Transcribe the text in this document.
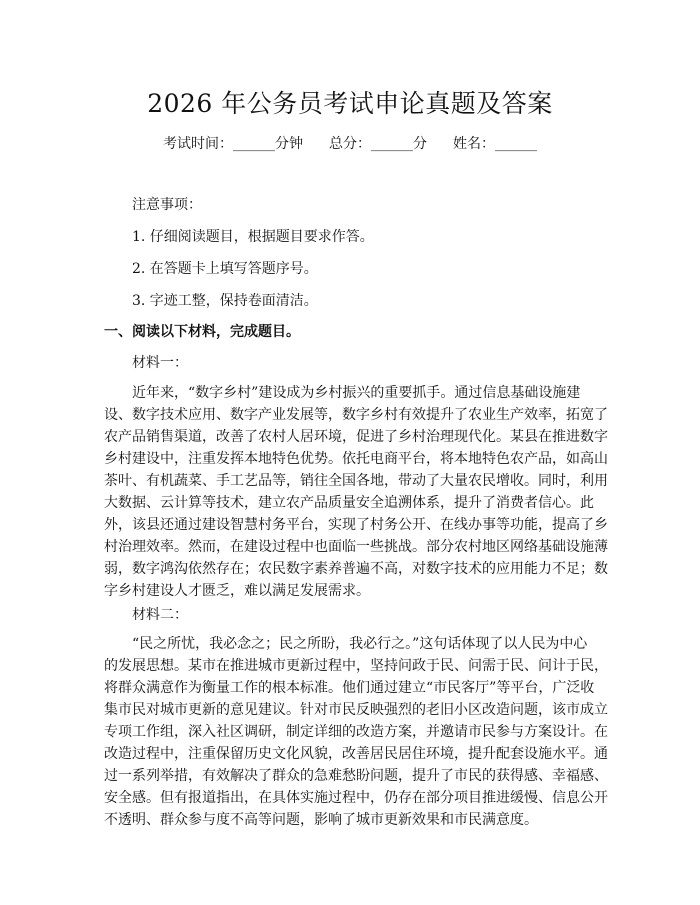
2026 年公务员考试申论真题及答案
考试时间：______分钟 总分：______分 姓名：______
注意事项：
1. 仔细阅读题目，根据题目要求作答。
2. 在答题卡上填写答题序号。
3. 字迹工整，保持卷面清洁。
一、阅读以下材料，完成题目。
材料一：
　　近年来，“数字乡村”建设成为乡村振兴的重要抓手。通过信息基础设施建
设、数字技术应用、数字产业发展等，数字乡村有效提升了农业生产效率，拓宽了
农产品销售渠道，改善了农村人居环境，促进了乡村治理现代化。某县在推进数字
乡村建设中，注重发挥本地特色优势。依托电商平台，将本地特色农产品，如高山
茶叶、有机蔬菜、手工艺品等，销往全国各地，带动了大量农民增收。同时，利用
大数据、云计算等技术，建立农产品质量安全追溯体系，提升了消费者信心。此
外，该县还通过建设智慧村务平台，实现了村务公开、在线办事等功能，提高了乡
村治理效率。然而，在建设过程中也面临一些挑战。部分农村地区网络基础设施薄
弱，数字鸿沟依然存在；农民数字素养普遍不高，对数字技术的应用能力不足；数
字乡村建设人才匮乏，难以满足发展需求。
材料二：
　　“民之所忧，我必念之；民之所盼，我必行之。”这句话体现了以人民为中心
的发展思想。某市在推进城市更新过程中，坚持问政于民、问需于民、问计于民，
将群众满意作为衡量工作的根本标准。他们通过建立“市民客厅”等平台，广泛收
集市民对城市更新的意见建议。针对市民反映强烈的老旧小区改造问题，该市成立
专项工作组，深入社区调研，制定详细的改造方案，并邀请市民参与方案设计。在
改造过程中，注重保留历史文化风貌，改善居民居住环境，提升配套设施水平。通
过一系列举措，有效解决了群众的急难愁盼问题，提升了市民的获得感、幸福感、
安全感。但有报道指出，在具体实施过程中，仍存在部分项目推进缓慢、信息公开
不透明、群众参与度不高等问题，影响了城市更新效果和市民满意度。
